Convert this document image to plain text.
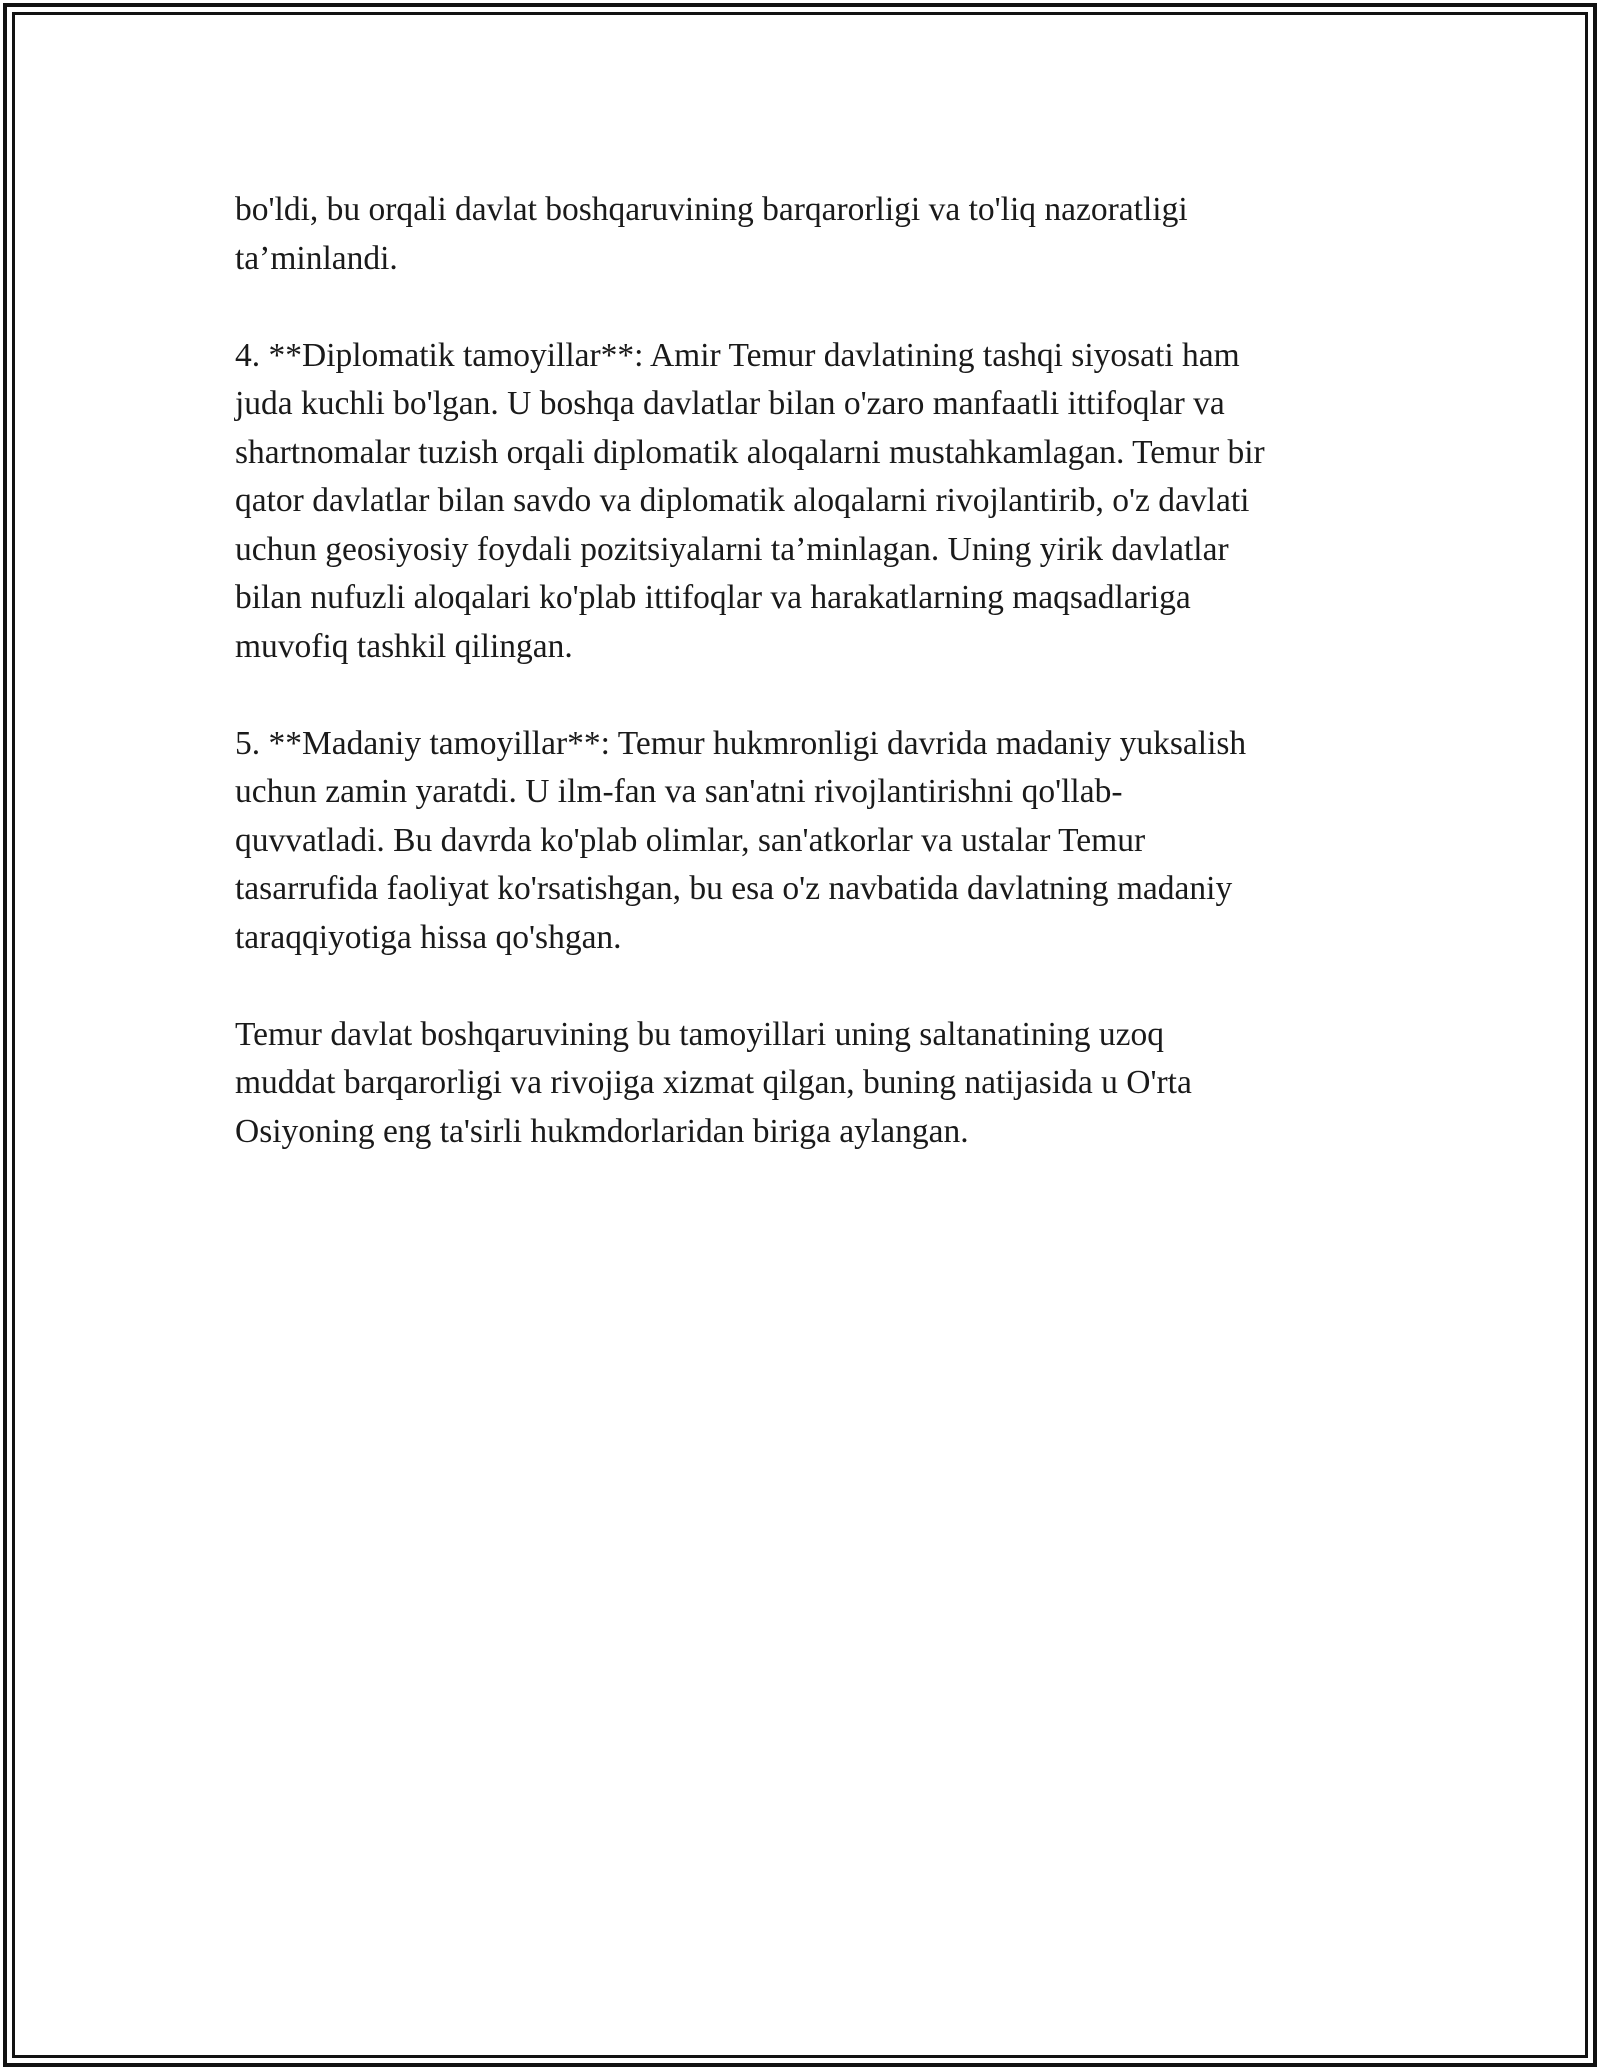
bo'ldi, bu orqali davlat boshqaruvining barqarorligi va to'liq nazoratligi
ta’minlandi.

4. **Diplomatik tamoyillar**: Amir Temur davlatining tashqi siyosati ham
juda kuchli bo'lgan. U boshqa davlatlar bilan o'zaro manfaatli ittifoqlar va
shartnomalar tuzish orqali diplomatik aloqalarni mustahkamlagan. Temur bir
qator davlatlar bilan savdo va diplomatik aloqalarni rivojlantirib, o'z davlati
uchun geosiyosiy foydali pozitsiyalarni ta’minlagan. Uning yirik davlatlar
bilan nufuzli aloqalari ko'plab ittifoqlar va harakatlarning maqsadlariga
muvofiq tashkil qilingan.

5. **Madaniy tamoyillar**: Temur hukmronligi davrida madaniy yuksalish
uchun zamin yaratdi. U ilm-fan va san'atni rivojlantirishni qo'llab-
quvvatladi. Bu davrda ko'plab olimlar, san'atkorlar va ustalar Temur
tasarrufida faoliyat ko'rsatishgan, bu esa o'z navbatida davlatning madaniy
taraqqiyotiga hissa qo'shgan.

Temur davlat boshqaruvining bu tamoyillari uning saltanatining uzoq
muddat barqarorligi va rivojiga xizmat qilgan, buning natijasida u O'rta
Osiyoning eng ta'sirli hukmdorlaridan biriga aylangan.
